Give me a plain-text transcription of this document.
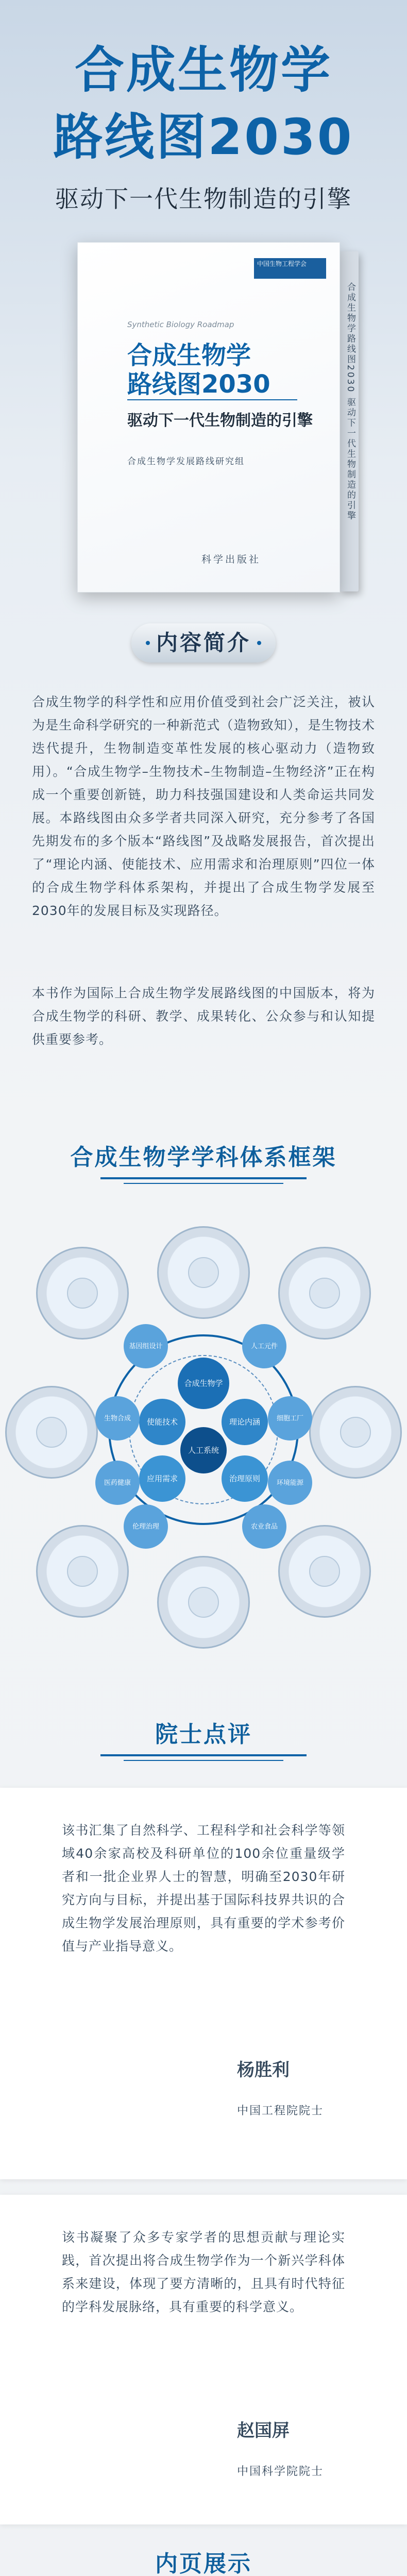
合成生物学
路线图2030
驱动下一代生物制造的引擎
合成生物学路线图2030 驱动下一代生物制造的引擎
中国生物工程学会
Synthetic Biology Roadmap
合成生物学
路线图2030
驱动下一代生物制造的引擎
合成生物学发展路线研究组
科学出版社
内容简介

合成生物学的科学性和应用价值受到社会广泛关注，被认为是生命科学研究的一种新范式（造物致知），是生物技术迭代提升，生物制造变革性发展的核心驱动力（造物致用）。“合成生物学–生物技术–生物制造–生物经济”正在构成一个重要创新链，助力科技强国建设和人类命运共同发展。本路线图由众多学者共同深入研究，充分参考了各国先期发布的多个版本“路线图”及战略发展报告，首次提出了“理论内涵、使能技术、应用需求和治理原则”四位一体的合成生物学科体系架构，并提出了合成生物学发展至2030年的发展目标及实现路径。

本书作为国际上合成生物学发展路线图的中国版本，将为合成生物学的科研、教学、成果转化、公众参与和认知提供重要参考。

合成生物学学科体系框架
合成生物学
使能技术	理论内涵
应用需求	治理原则
人工系统
基因组设计	人工元件
生物合成	细胞工厂
医药健康	环境能源
伦理治理	农业食品
院士点评

该书汇集了自然科学、工程科学和社会科学等领域40余家高校及科研单位的100余位重量级学者和一批企业界人士的智慧，明确至2030年研究方向与目标，并提出基于国际科技界共识的合成生物学发展治理原则，具有重要的学术参考价值与产业指导意义。

杨胜利
中国工程院院士

该书凝聚了众多专家学者的思想贡献与理论实践，首次提出将合成生物学作为一个新兴学科体系来建设，体现了要方清晰的，且具有时代特征的学科发展脉络，具有重要的科学意义。

赵国屏
中国科学院院士
内页展示
